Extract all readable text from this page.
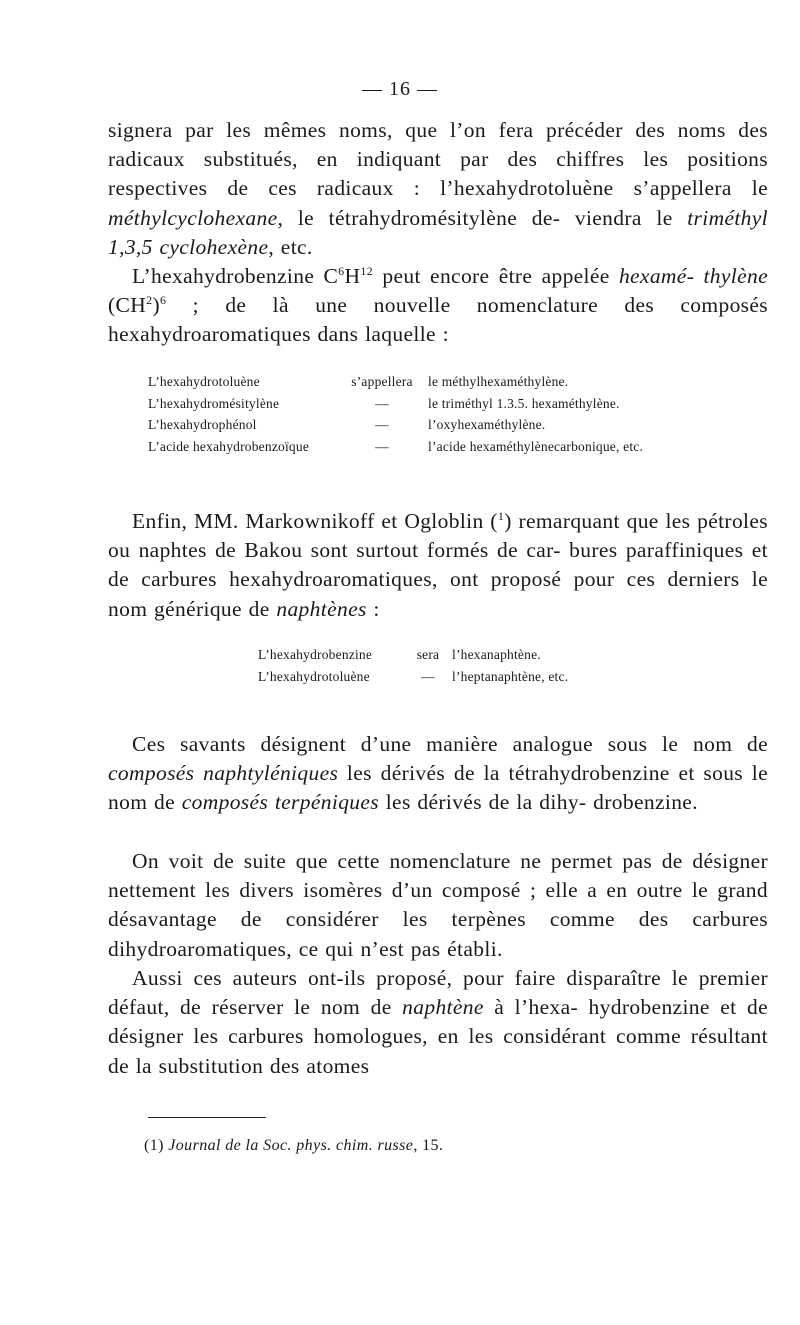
— 16 —
signera par les mêmes noms, que l’on fera précéder des noms des radicaux substitués, en indiquant par des chiffres les positions respectives de ces radicaux : l’hexahydrotoluène s’appellera le méthylcyclohexane, le tétrahydromésitylène de- viendra le triméthyl 1,3,5 cyclohexène, etc.
L’hexahydrobenzine $C^6H^{12}$ peut encore être appelée hexamé- thylène $(CH^2)^6$ ; de là une nouvelle nomenclature des composés hexahydroaromatiques dans laquelle :
L’hexahydrotoluène	s’appellera	le méthylhexaméthylène.
L’hexahydromésitylène	—	le triméthyl 1.3.5. hexaméthylène.
L’hexahydrophénol	—	l’oxyhexaméthylène.
L’acide hexahydrobenzoïque	—	l’acide hexaméthylènecarbonique, etc.
Enfin, MM. Markownikoff et Ogloblin ($^1$) remarquant que les pétroles ou naphtes de Bakou sont surtout formés de car- bures paraffiniques et de carbures hexahydroaromatiques, ont proposé pour ces derniers le nom générique de naphtènes :
L’hexahydrobenzine	sera l’hexanaphtène.
L’hexahydrotoluène	—	l’heptanaphtène, etc.
Ces savants désignent d’une manière analogue sous le nom de composés naphtyléniques les dérivés de la tétrahydrobenzine et sous le nom de composés terpéniques les dérivés de la dihy- drobenzine.
On voit de suite que cette nomenclature ne permet pas de désigner nettement les divers isomères d’un composé ; elle a en outre le grand désavantage de considérer les terpènes comme des carbures dihydroaromatiques, ce qui n’est pas établi.
Aussi ces auteurs ont-ils proposé, pour faire disparaître le premier défaut, de réserver le nom de naphtène à l’hexa- hydrobenzine et de désigner les carbures homologues, en les considérant comme résultant de la substitution des atomes
(1) Journal de la Soc. phys. chim. russe, 15.
